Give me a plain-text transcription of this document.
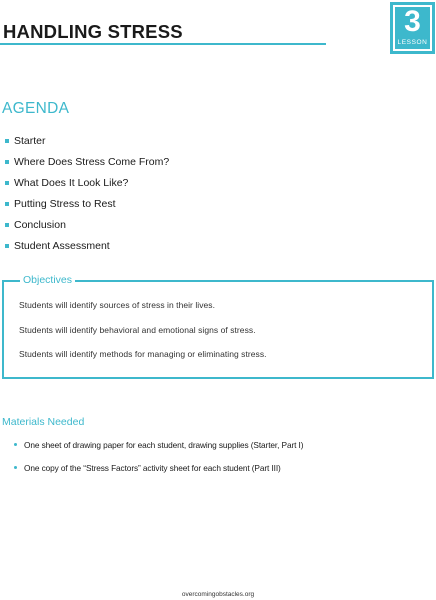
HANDLING STRESS	3
LESSON
AGENDA
Starter
Where Does Stress Come From?
What Does It Look Like?
Putting Stress to Rest
Conclusion
Student Assessment
Objectives
Students will identify sources of stress in their lives.
Students will identify behavioral and emotional signs of stress.
Students will identify methods for managing or eliminating stress.
Materials Needed
One sheet of drawing paper for each student, drawing supplies (Starter, Part I)
One copy of the “Stress Factors” activity sheet for each student (Part III)
overcomingobstacles.org
